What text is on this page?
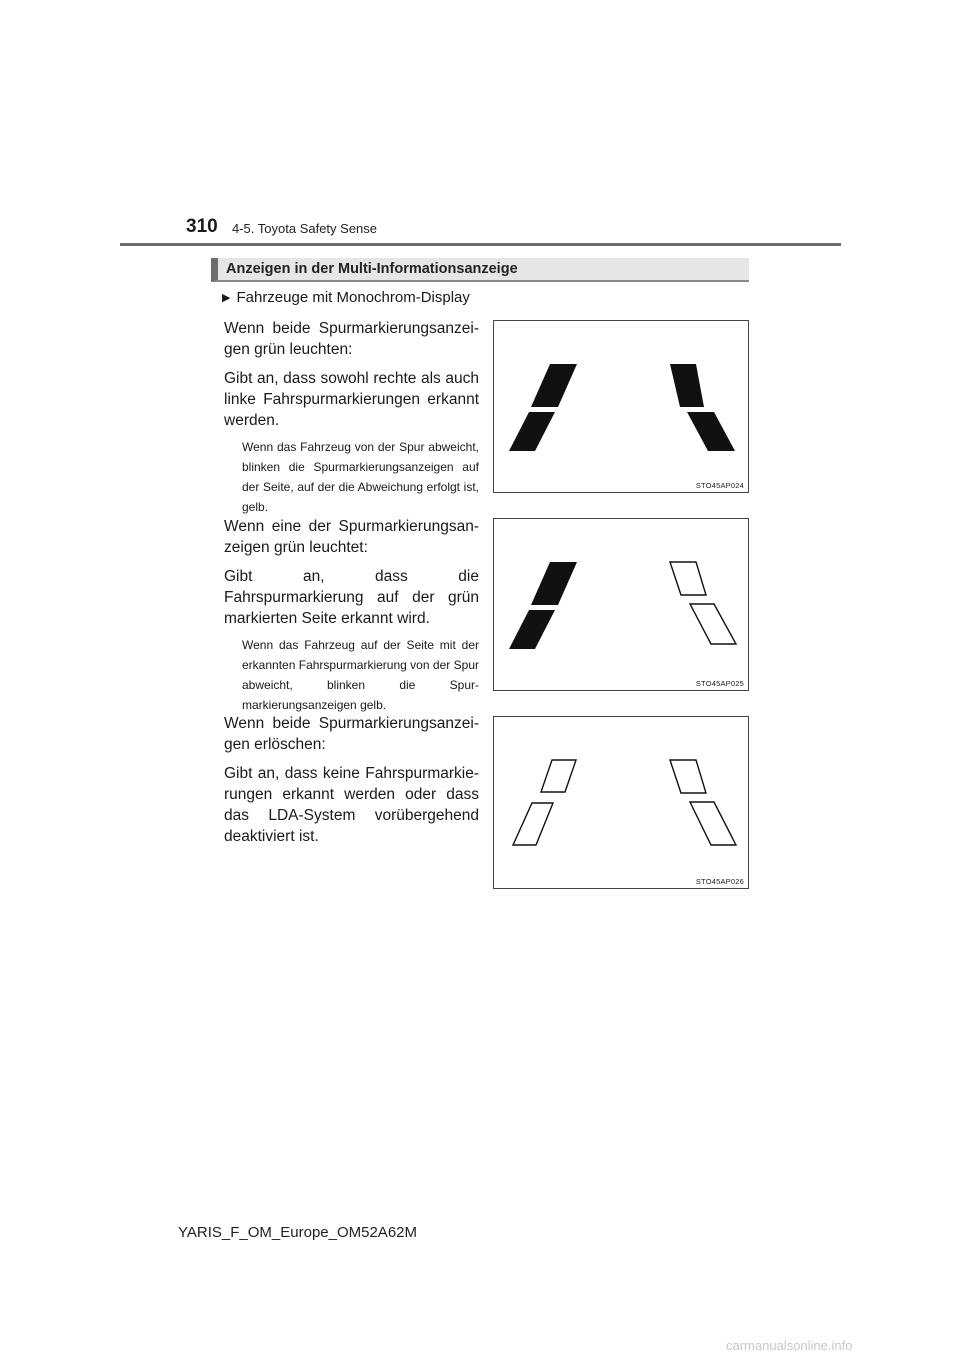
310 4-5. Toyota Safety Sense
Anzeigen in der Multi-Informationsanzeige
▶ Fahrzeuge mit Monochrom-Display

Wenn beide Spurmarkierungsanzeigen grün leuchten:

Gibt an, dass sowohl rechte als auch linke Fahrspurmarkierungen erkannt werden.

Wenn das Fahrzeug von der Spur abweicht, blinken die Spurmarkierungsanzeigen auf der Seite, auf der die Abweichung erfolgt ist, gelb.

STO45AP024

Wenn eine der Spurmarkierungsanzeigen grün leuchtet:

Gibt an, dass die Fahrspurmarkierung auf der grün markierten Seite erkannt wird.

Wenn das Fahrzeug auf der Seite mit der erkannten Fahrspurmarkierung von der Spur abweicht, blinken die Spurmarkierungsanzeigen gelb.

STO45AP025

Wenn beide Spurmarkierungsanzeigen erlöschen:

Gibt an, dass keine Fahrspurmarkierungen erkannt werden oder dass das LDA-System vorübergehend deaktiviert ist.

STO45AP026
YARIS_F_OM_Europe_OM52A62M
carmanualsonline.info
